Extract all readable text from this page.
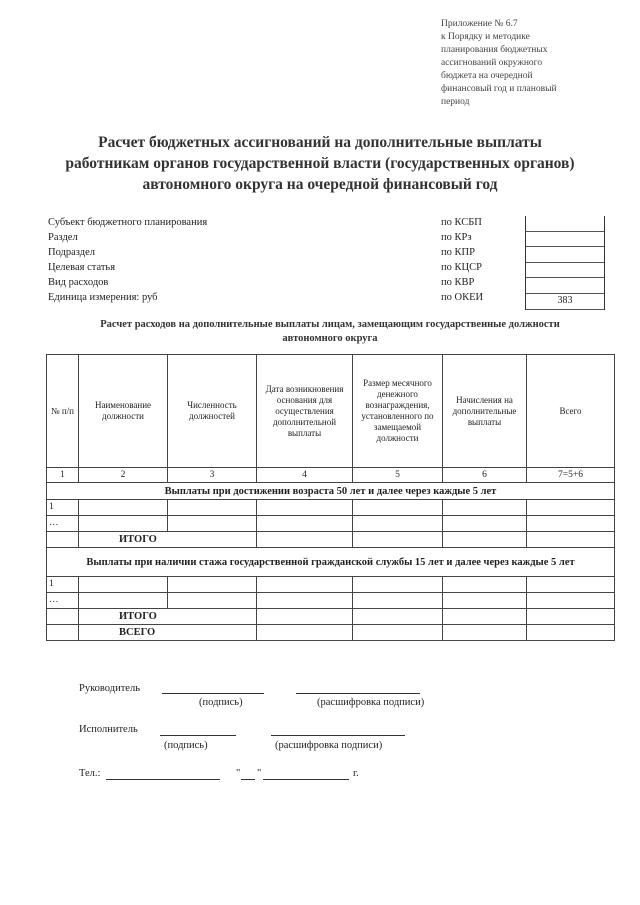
Приложение № 6.7
к Порядку и методике
планирования бюджетных
ассигнований окружного
бюджета на очередной
финансовый год и плановый
период
Расчет бюджетных ассигнований на дополнительные выплаты
работникам органов государственной власти (государственных органов)
автономного округа на очередной финансовый год
Субъект бюджетного планирования	по КСБП
Раздел	по КРз
Подраздел	по КПР
Целевая статья	по КЦСР
Вид расходов	по КВР
Единица измерения: руб	по ОКЕИ	383
Расчет расходов на дополнительные выплаты лицам, замещающим государственные должности
автономного округа
№ п/п	Наименование должности	Численность должностей	Дата возникновения основания для осуществления дополнительной выплаты	Размер месячного денежного вознаграждения, установленного по замещаемой должности	Начисления на дополнительные выплаты	Всего
1	2	3	4	5	6	7=5+6
Выплаты при достижении возраста 50 лет и далее через каждые 5 лет						
1						
…						
	ИТОГО					
Выплаты при наличии стажа государственной гражданской службы 15 лет и далее через каждые 5 лет						
1						
…						
	ИТОГО					
	ВСЕГО					
Руководитель
(подпись)	(расшифровка подписи)
Исполнитель
(подпись)	(расшифровка подписи)
Тел.:	" "	г.
